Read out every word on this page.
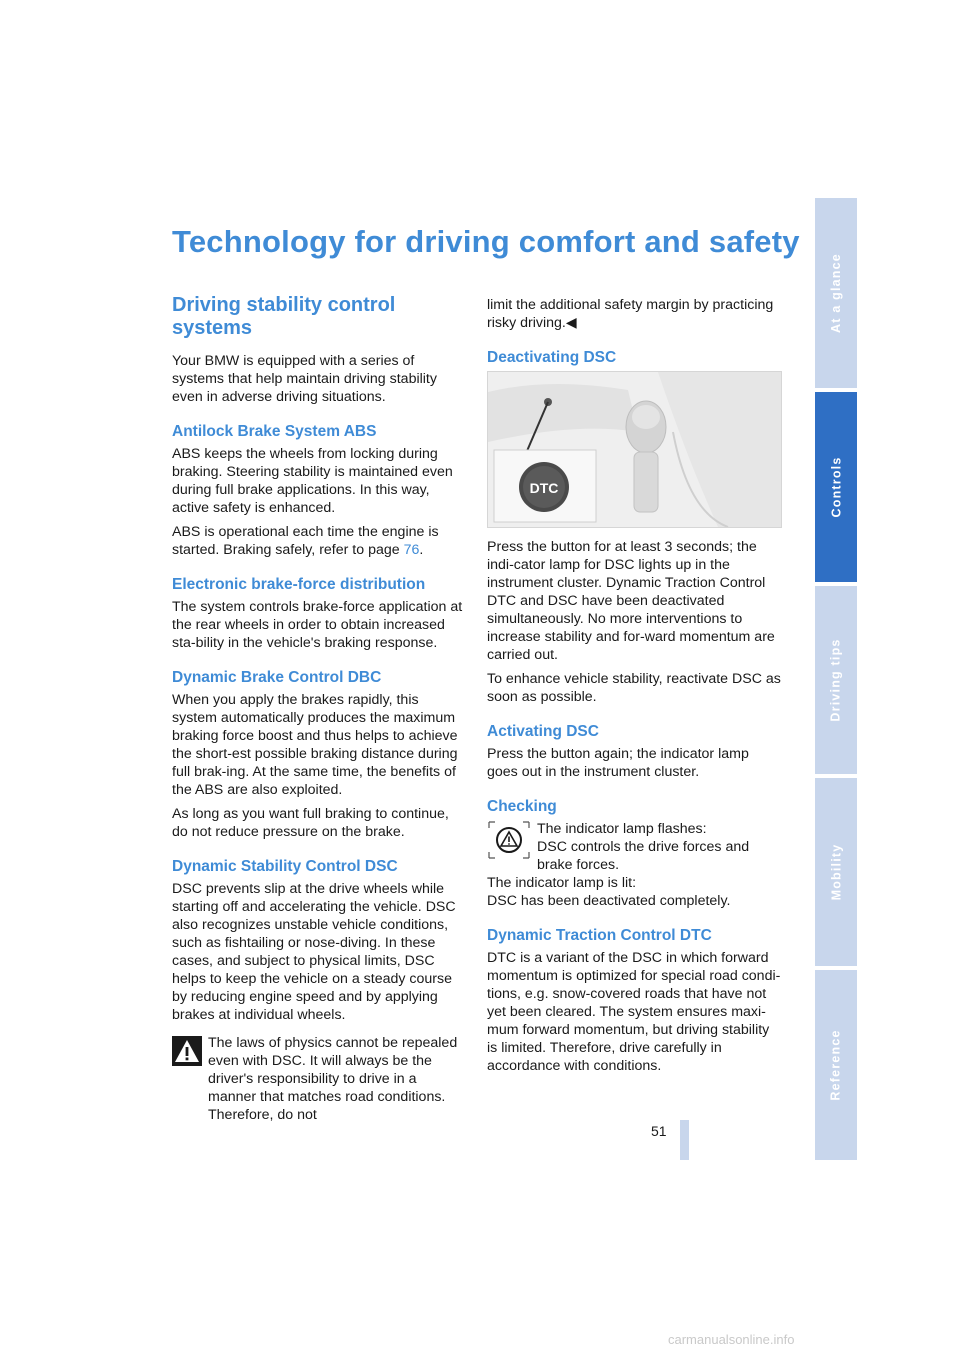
Technology for driving comfort and safety
Driving stability control systems

Your BMW is equipped with a series of systems that help maintain driving stability even in adverse driving situations.

Antilock Brake System ABS

ABS keeps the wheels from locking during braking. Steering stability is maintained even during full brake applications. In this way, active safety is enhanced.

ABS is operational each time the engine is started. Braking safely, refer to page 76.

Electronic brake-force distribution

The system controls brake-force application at the rear wheels in order to obtain increased sta-bility in the vehicle's braking response.

Dynamic Brake Control DBC

When you apply the brakes rapidly, this system automatically produces the maximum braking force boost and thus helps to achieve the short-est possible braking distance during full brak-ing. At the same time, the benefits of the ABS are also exploited.

As long as you want full braking to continue, do not reduce pressure on the brake.

Dynamic Stability Control DSC

DSC prevents slip at the drive wheels while starting off and accelerating the vehicle. DSC also recognizes unstable vehicle conditions, such as fishtailing or nose-diving. In these cases, and subject to physical limits, DSC helps to keep the vehicle on a steady course by reducing engine speed and by applying brakes at individual wheels.

The laws of physics cannot be repealed even with DSC. It will always be the driver's responsibility to drive in a manner that matches road conditions. Therefore, do not

limit the additional safety margin by practicing risky driving.◀

Deactivating DSC
DTC

Press the button for at least 3 seconds; the indi-cator lamp for DSC lights up in the instrument cluster. Dynamic Traction Control DTC and DSC have been deactivated simultaneously. No more interventions to increase stability and for-ward momentum are carried out.

To enhance vehicle stability, reactivate DSC as soon as possible.

Activating DSC

Press the button again; the indicator lamp goes out in the instrument cluster.

Checking
The indicator lamp flashes:
DSC controls the drive forces and brake forces.
The indicator lamp is lit:

DSC has been deactivated completely.

Dynamic Traction Control DTC

DTC is a variant of the DSC in which forward momentum is optimized for special road condi-tions, e.g. snow-covered roads that have not yet been cleared. The system ensures maxi-mum forward momentum, but driving stability is limited. Therefore, drive carefully in accordance with conditions.

At a glance
Controls
Driving tips
Mobility
Reference
51
carmanualsonline.info
